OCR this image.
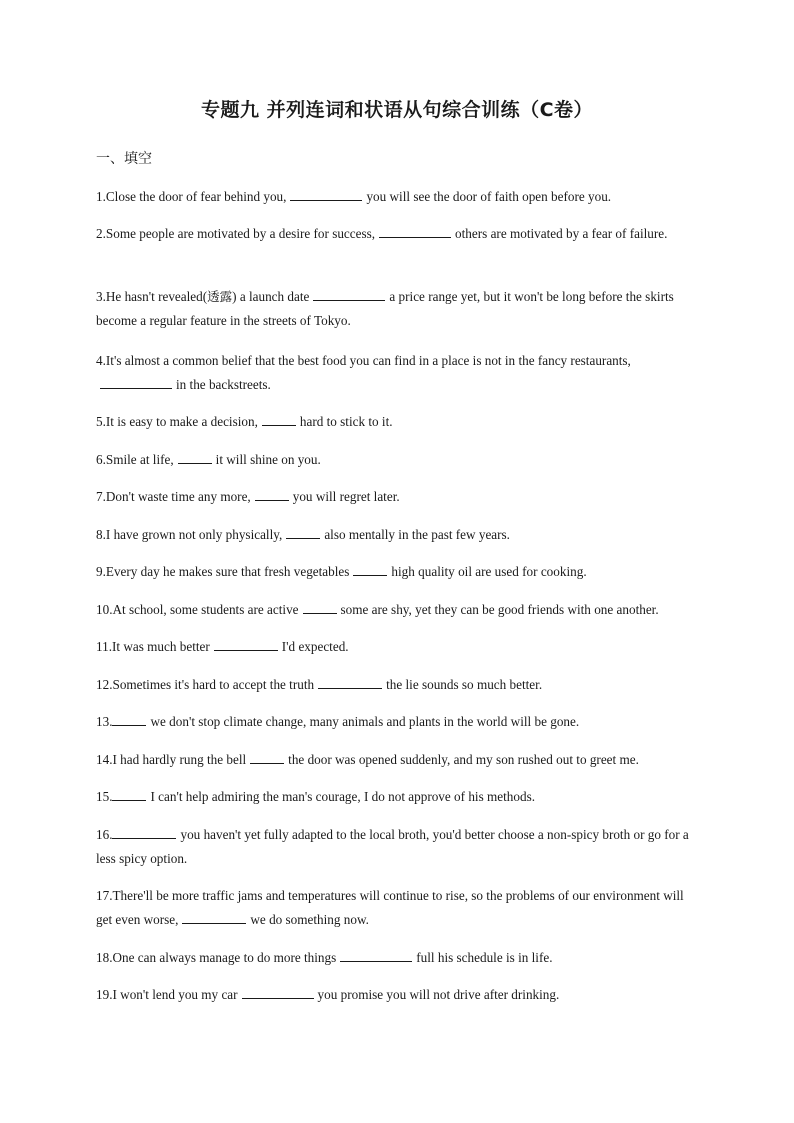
专题九 并列连词和状语从句综合训练（C卷）
一、填空
1.Close the door of fear behind you,	you will see the door of faith open before you.
2.Some people are motivated by a desire for success,	others are motivated by a fear of failure.
3.He hasn't revealed(透露) a launch date	a price range yet, but it won't be long before the skirts become a regular feature in the streets of Tokyo.
4.It's almost a common belief that the best food you can find in a place is not in the fancy restaurants,in the backstreets.
5.It is easy to make a decision,	hard to stick to it.
6.Smile at life,	it will shine on you.
7.Don't waste time any more,	you will regret later.
8.I have grown not only physically,	also mentally in the past few years.
9.Every day he makes sure that fresh vegetables	high quality oil are used for cooking.
10.At school, some students are active	some are shy, yet they can be good friends with one another.
11.It was much better	I'd expected.
12.Sometimes it's hard to accept the truth	the lie sounds so much better.
13.	we don't stop climate change, many animals and plants in the world will be gone.
14.I had hardly rung the bell	the door was opened suddenly, and my son rushed out to greet me.
15.	I can't help admiring the man's courage, I do not approve of his methods.
16.	you haven't yet fully adapted to the local broth, you'd better choose a non-spicy broth or go for a less spicy option.
17.There'll be more traffic jams and temperatures will continue to rise, so the problems of our environment will get even worse,	we do something now.
18.One can always manage to do more things	full his schedule is in life.
19.I won't lend you my car	you promise you will not drive after drinking.
